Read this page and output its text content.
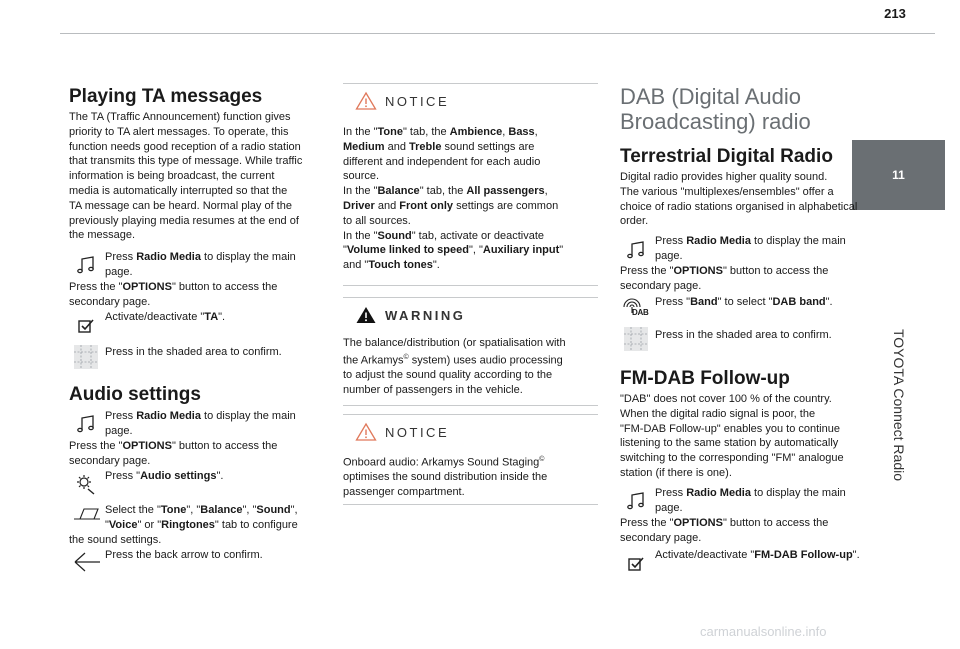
213
11
TOYOTA Connect Radio
Playing TA messages
The TA (Traffic Announcement) function gives
priority to TA alert messages. To operate, this
function needs good reception of a radio station
that transmits this type of message. While traffic
information is being broadcast, the current
media is automatically interrupted so that the
TA message can be heard. Normal play of the
previously playing media resumes at the end of
the message.
Press Radio Media to display the main
page.
Press the "OPTIONS" button to access the
secondary page.
Activate/deactivate "TA".
Press in the shaded area to confirm.
Audio settings
Press Radio Media to display the main
page.
Press the "OPTIONS" button to access the
secondary page.
Press "Audio settings".
Select the "Tone", "Balance", "Sound",
"Voice" or "Ringtones" tab to configure
the sound settings.
Press the back arrow to confirm.
NOTICE
In the "Tone" tab, the Ambience, Bass,
Medium and Treble sound settings are
different and independent for each audio
source.
In the "Balance" tab, the All passengers,
Driver and Front only settings are common
to all sources.
In the "Sound" tab, activate or deactivate
"Volume linked to speed", "Auxiliary input"
and "Touch tones".
WARNING
The balance/distribution (or spatialisation with
the Arkamys© system) uses audio processing
to adjust the sound quality according to the
number of passengers in the vehicle.
NOTICE
Onboard audio: Arkamys Sound Staging©
optimises the sound distribution inside the
passenger compartment.
DAB (Digital Audio
Broadcasting) radio
Terrestrial Digital Radio
Digital radio provides higher quality sound.
The various "multiplexes/ensembles" offer a
choice of radio stations organised in alphabetical
order.
Press Radio Media to display the main
page.
Press the "OPTIONS" button to access the
secondary page.
DAB
Press "Band" to select "DAB band".
Press in the shaded area to confirm.
FM-DAB Follow-up
"DAB" does not cover 100 % of the country.
When the digital radio signal is poor, the
"FM-DAB Follow-up" enables you to continue
listening to the same station by automatically
switching to the corresponding "FM" analogue
station (if there is one).
Press Radio Media to display the main
page.
Press the "OPTIONS" button to access the
secondary page.
Activate/deactivate "FM-DAB Follow-up".
carmanualsonline.info
